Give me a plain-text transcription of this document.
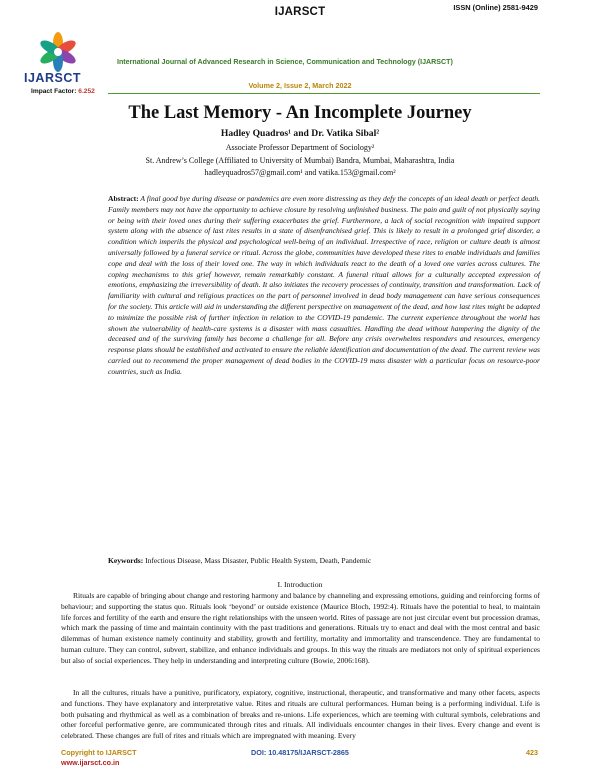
IJARSCT	ISSN (Online) 2581-9429
IJARSCT
Impact Factor: 6.252
International Journal of Advanced Research in Science, Communication and Technology (IJARSCT)
Volume 2, Issue 2, March 2022
The Last Memory - An Incomplete Journey
Hadley Quadros¹ and Dr. Vatika Sibal²
Associate Professor Department of Sociology²
St. Andrew’s College (Affiliated to University of Mumbai) Bandra, Mumbai, Maharashtra, India
hadleyquadros57@gmail.com¹ and vatika.153@gmail.com²
Abstract: A final good bye during disease or pandemics are even more distressing as they defy the concepts of an ideal death or perfect death. Family members may not have the opportunity to achieve closure by resolving unfinished business. The pain and guilt of not physically saying or being with their loved ones during their suffering exacerbates the grief. Furthermore, a lack of social recognition with impaired support system along with the absence of last rites results in a state of disenfranchised grief. This is likely to result in a prolonged grief disorder, a condition which imperils the physical and psychological well-being of an individual. Irrespective of race, religion or culture death is almost universally followed by a funeral service or ritual. Across the globe, communities have developed these rites to enable individuals and families cope and deal with the loss of their loved one. The way in which individuals react to the death of a loved one varies across cultures. The coping mechanisms to this grief however, remain remarkably constant. A funeral ritual allows for a culturally accepted expression of emotions, emphasizing the irreversibility of death. It also initiates the recovery processes of continuity, transition and transformation. Lack of familiarity with cultural and religious practices on the part of personnel involved in dead body management can have serious consequences for the society. This article will aid in understanding the different perspective on management of the dead, and how last rites might be adapted to minimize the possible risk of further infection in relation to the COVID-19 pandemic. The current experience throughout the world has shown the vulnerability of health-care systems is a disaster with mass casualties. Handling the dead without hampering the dignity of the deceased and of the surviving family has become a challenge for all. Before any crisis overwhelms responders and resources, emergency response plans should be established and activated to ensure the reliable identification and documentation of the dead. The current review was carried out to recommend the proper management of dead bodies in the COVID-19 mass disaster with a particular focus on resource-poor countries, such as India.
Keywords: Infectious Disease, Mass Disaster, Public Health System, Death, Pandemic
I. Introduction
Rituals are capable of bringing about change and restoring harmony and balance by channeling and expressing emotions, guiding and reinforcing forms of behaviour; and supporting the status quo. Rituals look ‘beyond’ or outside existence (Maurice Bloch, 1992:4). Rituals have the potential to heal, to maintain life forces and fertility of the earth and ensure the right relationships with the unseen world. Rites of passage are not just circular event but procession dramas, which mark the passing of time and maintain continuity with the past traditions and generations. Rituals try to enact and deal with the most central and basic dilemmas of human existence namely continuity and stability, growth and fertility, mortality and immortality and transcendence. They are fundamental to human culture. They can control, subvert, stabilize, and enhance individuals and groups. In this way the rituals are mediators not only of spiritual experiences but also of social experiences. They help in understanding and interpreting culture (Bowie, 2006:168).
In all the cultures, rituals have a punitive, purificatory, expiatory, cognitive, instructional, therapeutic, and transformative and many other facets, aspects and functions. They have explanatory and interpretative value. Rites and rituals are cultural performances. Human being is a performing individual. Life is both pulsating and rhythmical as well as a combination of breaks and re-unions. Life experiences, which are teeming with cultural symbols, celebrations and other forceful performative genre, are communicated through rites and rituals. All individuals encounter changes in their lives. Every change and event is celebrated. These changes are full of rites and rituals which are impregnated with meaning. Every
Copyright to IJARSCT
www.ijarsct.co.in
DOI: 10.48175/IJARSCT-2865	423
